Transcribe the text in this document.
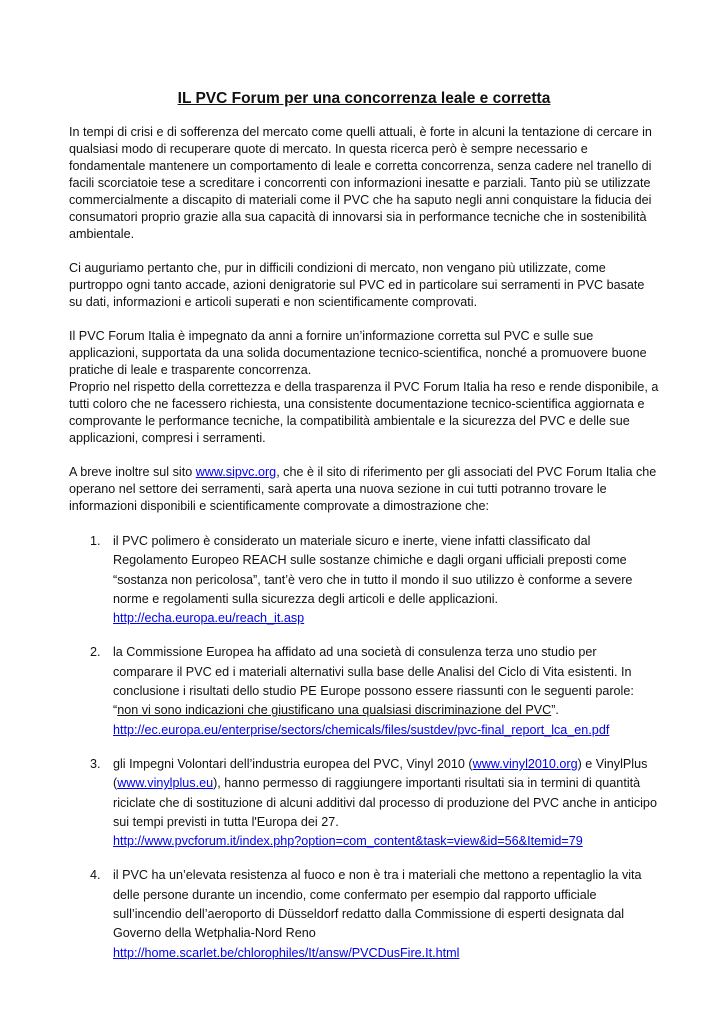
IL PVC Forum per una concorrenza leale e corretta

In tempi di crisi e di sofferenza del mercato come quelli attuali, è forte in alcuni la tentazione di cercare in qualsiasi modo di recuperare quote di mercato. In questa ricerca però è sempre necessario e fondamentale mantenere un comportamento di leale e corretta concorrenza, senza cadere nel tranello di facili scorciatoie tese a screditare i concorrenti con informazioni inesatte e parziali. Tanto più se utilizzate commercialmente a discapito di materiali come il PVC che ha saputo negli anni conquistare la fiducia dei consumatori proprio grazie alla sua capacità di innovarsi sia in performance tecniche che in sostenibilità ambientale.

Ci auguriamo pertanto che, pur in difficili condizioni di mercato, non vengano più utilizzate, come purtroppo ogni tanto accade, azioni denigratorie sul PVC ed in particolare sui serramenti in PVC basate su dati, informazioni e articoli superati e non scientificamente comprovati.

Il PVC Forum Italia è impegnato da anni a fornire un’informazione corretta sul PVC e sulle sue applicazioni, supportata da una solida documentazione tecnico-scientifica, nonché a promuovere buone pratiche di leale e trasparente concorrenza.

Proprio nel rispetto della correttezza e della trasparenza il PVC Forum Italia ha reso e rende disponibile, a tutti coloro che ne facessero richiesta, una consistente documentazione tecnico-scientifica aggiornata e comprovante le performance tecniche, la compatibilità ambientale e la sicurezza del PVC e delle sue applicazioni, compresi i serramenti.

A breve inoltre sul sito www.sipvc.org, che è il sito di riferimento per gli associati del PVC Forum Italia che operano nel settore dei serramenti, sarà aperta una nuova sezione in cui tutti potranno trovare le informazioni disponibili e scientificamente comprovate a dimostrazione che:

1. il PVC polimero è considerato un materiale sicuro e inerte, viene infatti classificato dal Regolamento Europeo REACH sulle sostanze chimiche e dagli organi ufficiali preposti come “sostanza non pericolosa”, tant’è vero che in tutto il mondo il suo utilizzo è conforme a severe norme e regolamenti sulla sicurezza degli articoli e delle applicazioni.
http://echa.europa.eu/reach_it.asp
2. la Commissione Europea ha affidato ad una società di consulenza terza uno studio per comparare il PVC ed i materiali alternativi sulla base delle Analisi del Ciclo di Vita esistenti. In conclusione i risultati dello studio PE Europe possono essere riassunti con le seguenti parole: “non vi sono indicazioni che giustificano una qualsiasi discriminazione del PVC”.
http://ec.europa.eu/enterprise/sectors/chemicals/files/sustdev/pvc-final_report_lca_en.pdf
3. gli Impegni Volontari dell’industria europea del PVC, Vinyl 2010 (www.vinyl2010.org) e VinylPlus (www.vinylplus.eu), hanno permesso di raggiungere importanti risultati sia in termini di quantità riciclate che di sostituzione di alcuni additivi dal processo di produzione del PVC anche in anticipo sui tempi previsti in tutta l'Europa dei 27.
http://www.pvcforum.it/index.php?option=com_content&task=view&id=56&Itemid=79
4. il PVC ha un’elevata resistenza al fuoco e non è tra i materiali che mettono a repentaglio la vita delle persone durante un incendio, come confermato per esempio dal rapporto ufficiale sull’incendio dell’aeroporto di Düsseldorf redatto dalla Commissione di esperti designata dal Governo della Wetphalia-Nord Reno
http://home.scarlet.be/chlorophiles/It/answ/PVCDusFire.It.html
